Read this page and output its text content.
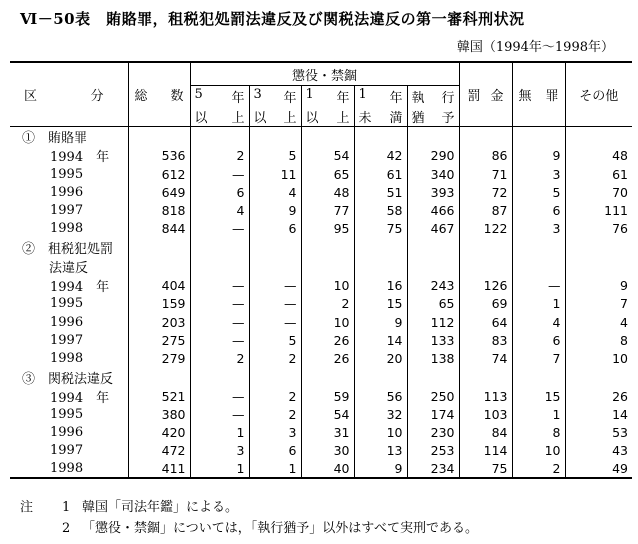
Ⅵ－50表　賄賂罪，租税犯処罰法違反及び関税法違反の第一審科刑状況
韓国（1994年～1998年）
区 分	総 数	懲役・禁錮					罰 金	無 罪	その他

		5 年	3 年	1 年	1 年	執 行			

		以 上	以 上	以 上	未 満	猶 予			

①　賄賂罪									
1994　年	536	2	5	54	42	290	86	9	48
1995	612	—	11	65	61	340	71	3	61
1996	649	6	4	48	51	393	72	5	70
1997	818	4	9	77	58	466	87	6	111
1998	844	—	6	95	75	467	122	3	76
②　租税犯処罰									
法違反									
1994　年	404	—	—	10	16	243	126	—	9
1995	159	—	—	2	15	65	69	1	7
1996	203	—	—	10	9	112	64	4	4
1997	275	—	5	26	14	133	83	6	8
1998	279	2	2	26	20	138	74	7	10
③　関税法違反									
1994　年	521	—	2	59	56	250	113	15	26
1995	380	—	2	54	32	174	103	1	14
1996	420	1	3	31	10	230	84	8	53
1997	472	3	6	30	13	253	114	10	43
1998	411	1	1	40	9	234	75	2	49
注	1 韓国「司法年鑑」による。
2 「懲役・禁錮」については，「執行猶予」以外はすべて実刑である。
